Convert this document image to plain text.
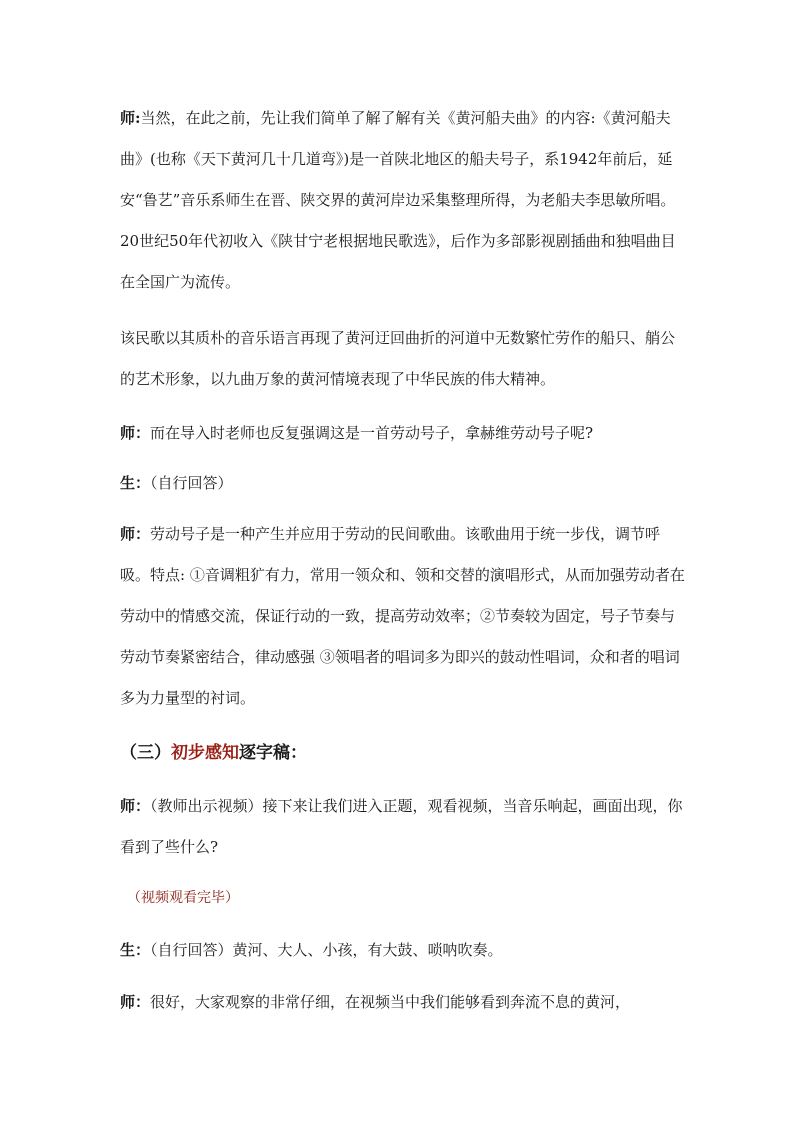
师:当然，在此之前，先让我们简单了解了解有关《黄河船夫曲》的内容:《黄河船夫曲》(也称《天下黄河几十几道弯》)是一首陕北地区的船夫号子，系1942年前后，延安“鲁艺”音乐系师生在晋、陕交界的黄河岸边采集整理所得，为老船夫李思敏所唱。20世纪50年代初收入《陕甘宁老根据地民歌选》，后作为多部影视剧插曲和独唱曲目在全国广为流传。

该民歌以其质朴的音乐语言再现了黄河迂回曲折的河道中无数繁忙劳作的船只、艄公的艺术形象，以九曲万象的黄河情境表现了中华民族的伟大精神。

师：而在导入时老师也反复强调这是一首劳动号子，拿赫维劳动号子呢?

生：（自行回答）

师：劳动号子是一种产生并应用于劳动的民间歌曲。该歌曲用于统一步伐，调节呼吸。特点: ①音调粗犷有力，常用一领众和、领和交替的演唱形式，从而加强劳动者在劳动中的情感交流，保证行动的一致，提高劳动效率；②节奏较为固定，号子节奏与劳动节奏紧密结合，律动感强 ③领唱者的唱词多为即兴的鼓动性唱词，众和者的唱词多为力量型的衬词。

（三）初步感知逐字稿：

师：（教师出示视频）接下来让我们进入正题，观看视频，当音乐响起，画面出现，你看到了些什么?

（视频观看完毕）

生：（自行回答）黄河、大人、小孩，有大鼓、唢呐吹奏。

师：很好，大家观察的非常仔细，在视频当中我们能够看到奔流不息的黄河，
